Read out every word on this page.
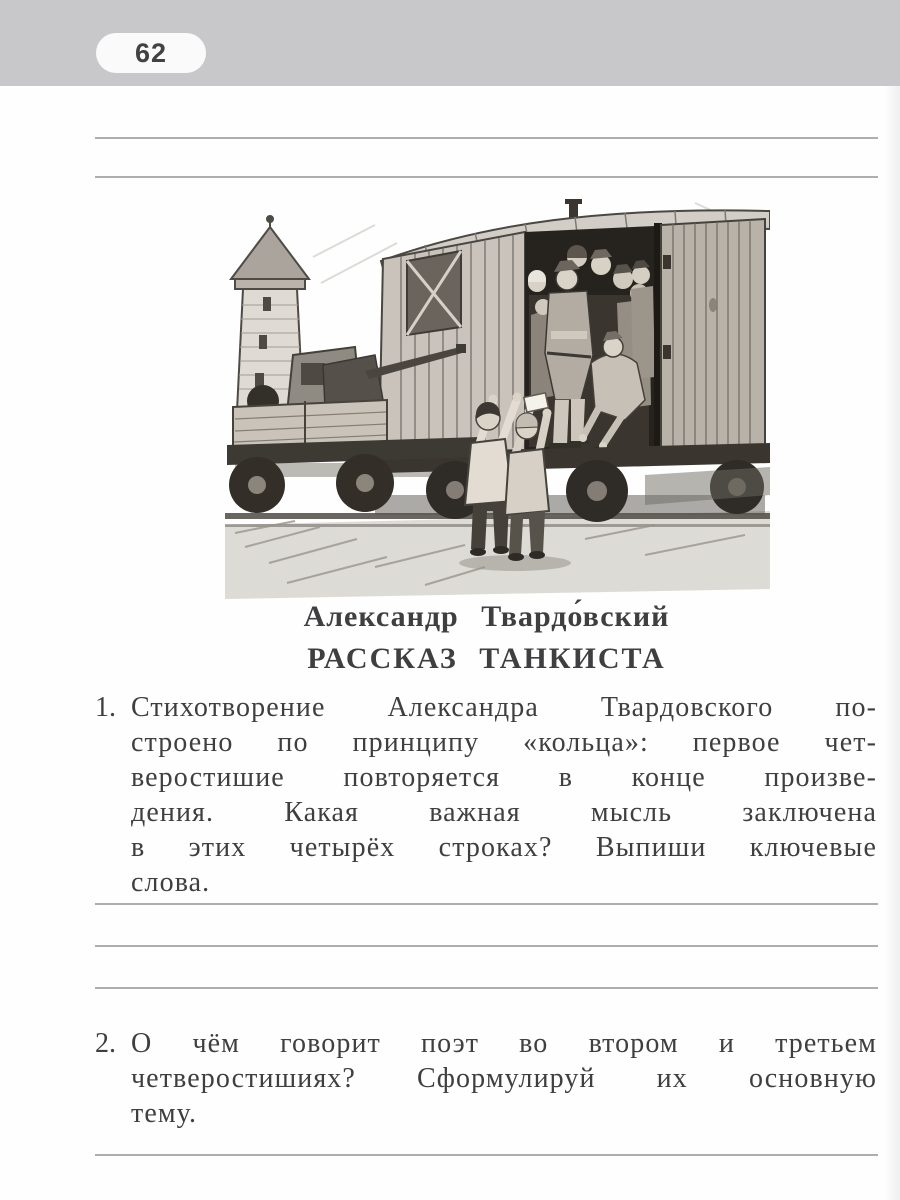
62
Александр Твардо́вский
РАССКАЗ ТАНКИСТА
1. Стихотворение Александра Твардовского по-
строено по принципу «кольца»: первое чет-
веростишие повторяется в конце произве-
дения. Какая важная мысль заключена
в этих четырёх строках? Выпиши ключевые
слова.
2. О чём говорит поэт во втором и третьем
четверостишиях? Сформулируй их основную
тему.
